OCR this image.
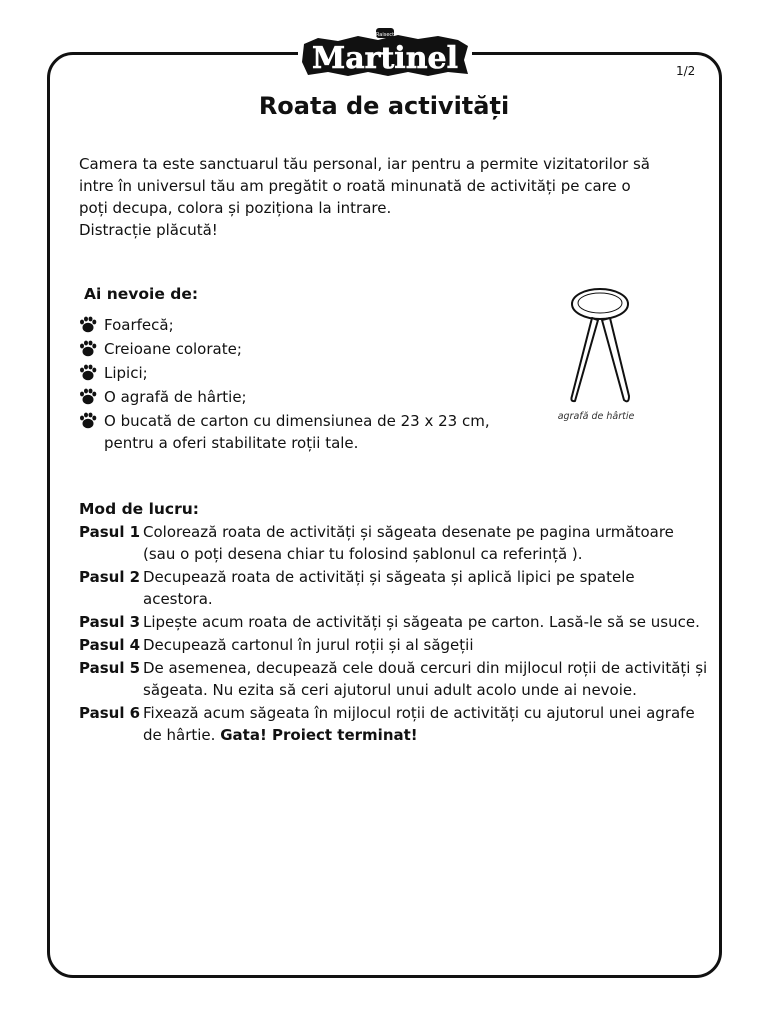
Raisect
Martinel	1/2
Roata de activități

Camera ta este sanctuarul tău personal, iar pentru a permite vizitatorilor să

intre în universul tău am pregătit o roată minunată de activități pe care o

poți decupa, colora și poziționa la intrare.

Distracție plăcută!

Ai nevoie de:
Foarfecă;
Creioane colorate;
Lipici;
O agrafă de hârtie;
O bucată de carton cu dimensiunea de 23 x 23 cm, pentru a oferi stabilitate roții tale.
agrafă de hârtie
Mod de lucru:
Pasul 1 Colorează roata de activități și săgeata desenate pe pagina următoare (sau o poți desena chiar tu folosind șablonul ca referință ).
Pasul 2 Decupează roata de activități și săgeata și aplică lipici pe spatele acestora.
Pasul 3 Lipește acum roata de activități și săgeata pe carton. Lasă-le să se usuce.
Pasul 4 Decupează cartonul în jurul roții și al săgeții
Pasul 5 De asemenea, decupează cele două cercuri din mijlocul roții de activități și săgeata. Nu ezita să ceri ajutorul unui adult acolo unde ai nevoie.
Pasul 6 Fixează acum săgeata în mijlocul roții de activități cu ajutorul unei agrafe de hârtie. Gata! Proiect terminat!
